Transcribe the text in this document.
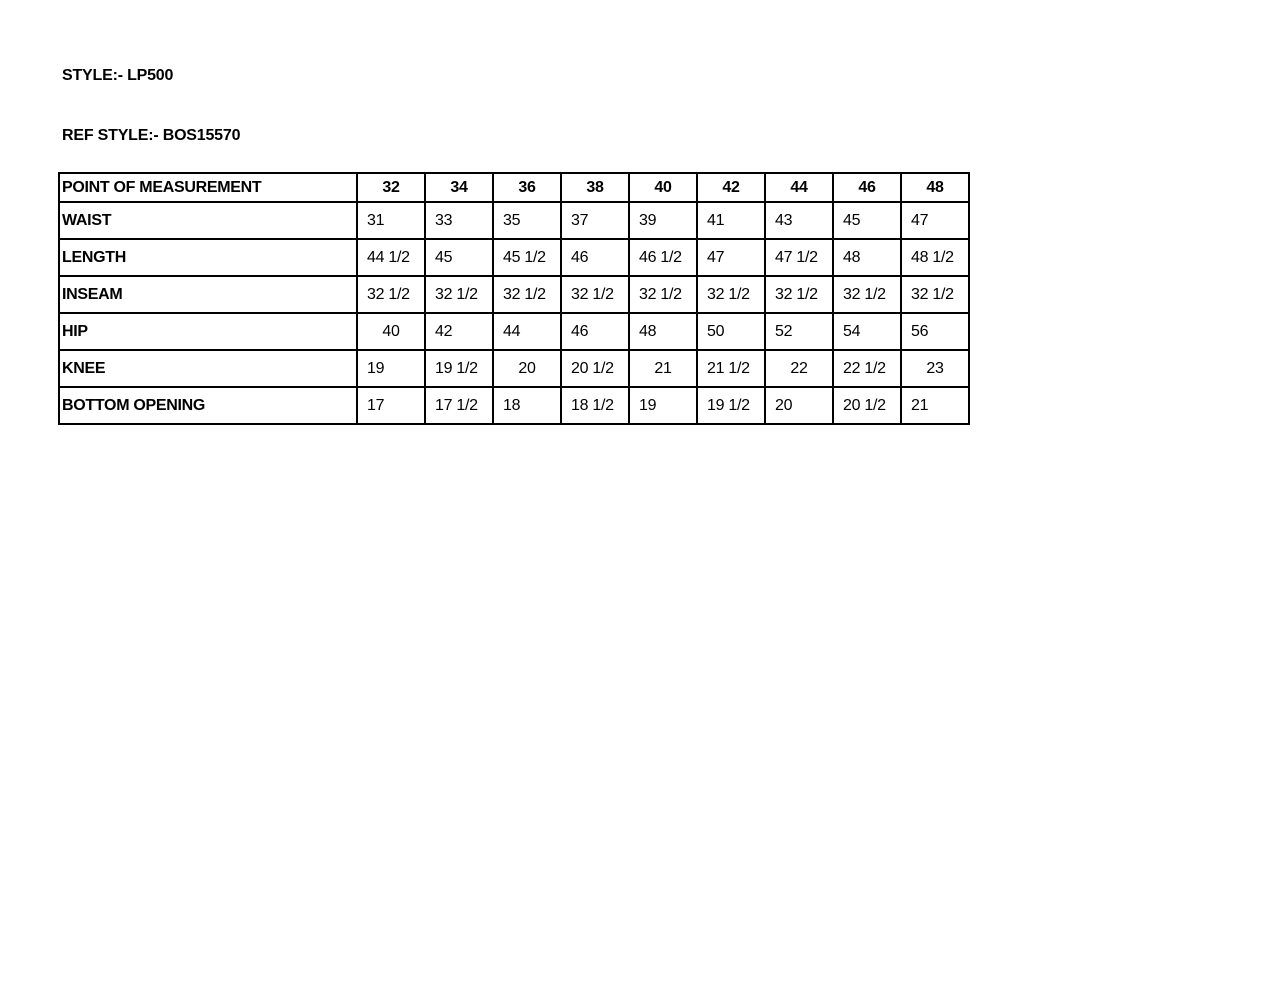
STYLE:- LP500
REF STYLE:- BOS15570
POINT OF MEASUREMENT	32	34	36	38	40	42	44	46	48
WAIST	31	33	35	37	39	41	43	45	47
LENGTH	44 1/2	45	45 1/2	46	46 1/2	47	47 1/2	48	48 1/2
INSEAM	32 1/2	32 1/2	32 1/2	32 1/2	32 1/2	32 1/2	32 1/2	32 1/2	32 1/2
HIP	40	42	44	46	48	50	52	54	56
KNEE	19	19 1/2	20	20 1/2	21	21 1/2	22	22 1/2	23
BOTTOM OPENING	17	17 1/2	18	18 1/2	19	19 1/2	20	20 1/2	21
